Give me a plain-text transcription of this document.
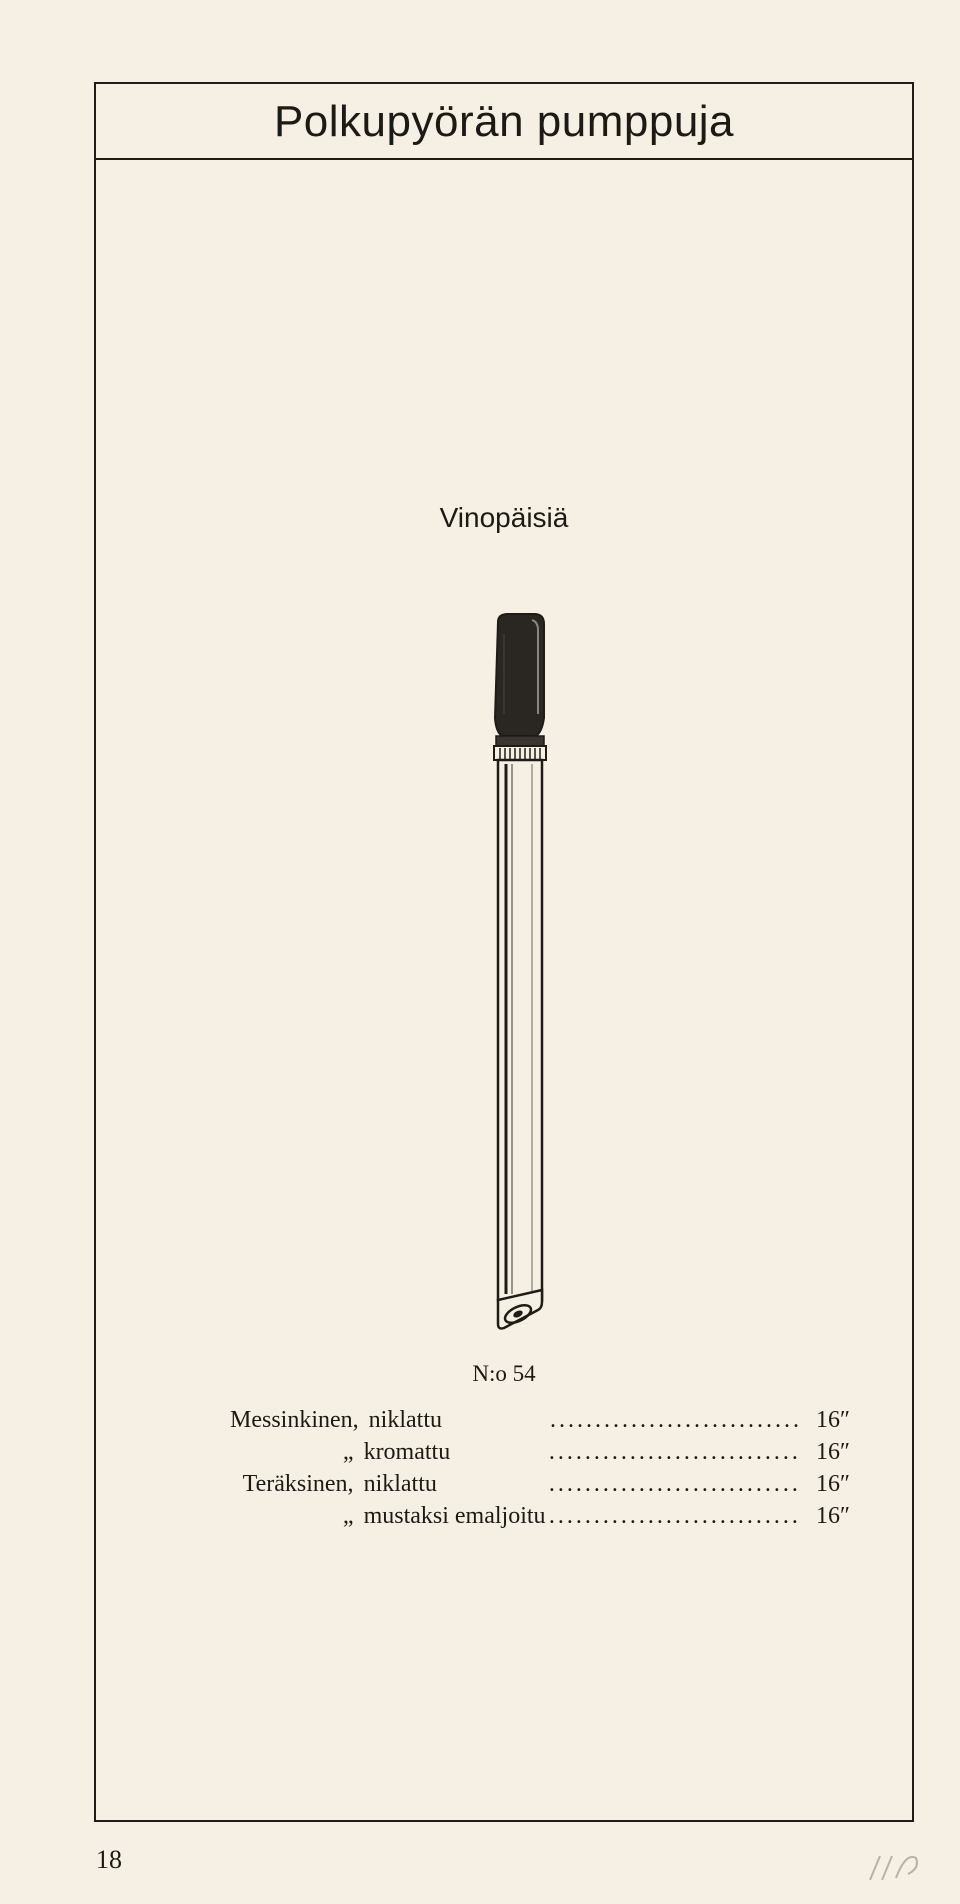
Polkupyörän pumppuja
Vinopäisiä
N:o 54
Messinkinen, niklattu	............................ 16″
„ kromattu	............................ 16″
Teräksinen, niklattu	............................ 16″
„ mustaksi emaljoitu ............................ 16″
18
